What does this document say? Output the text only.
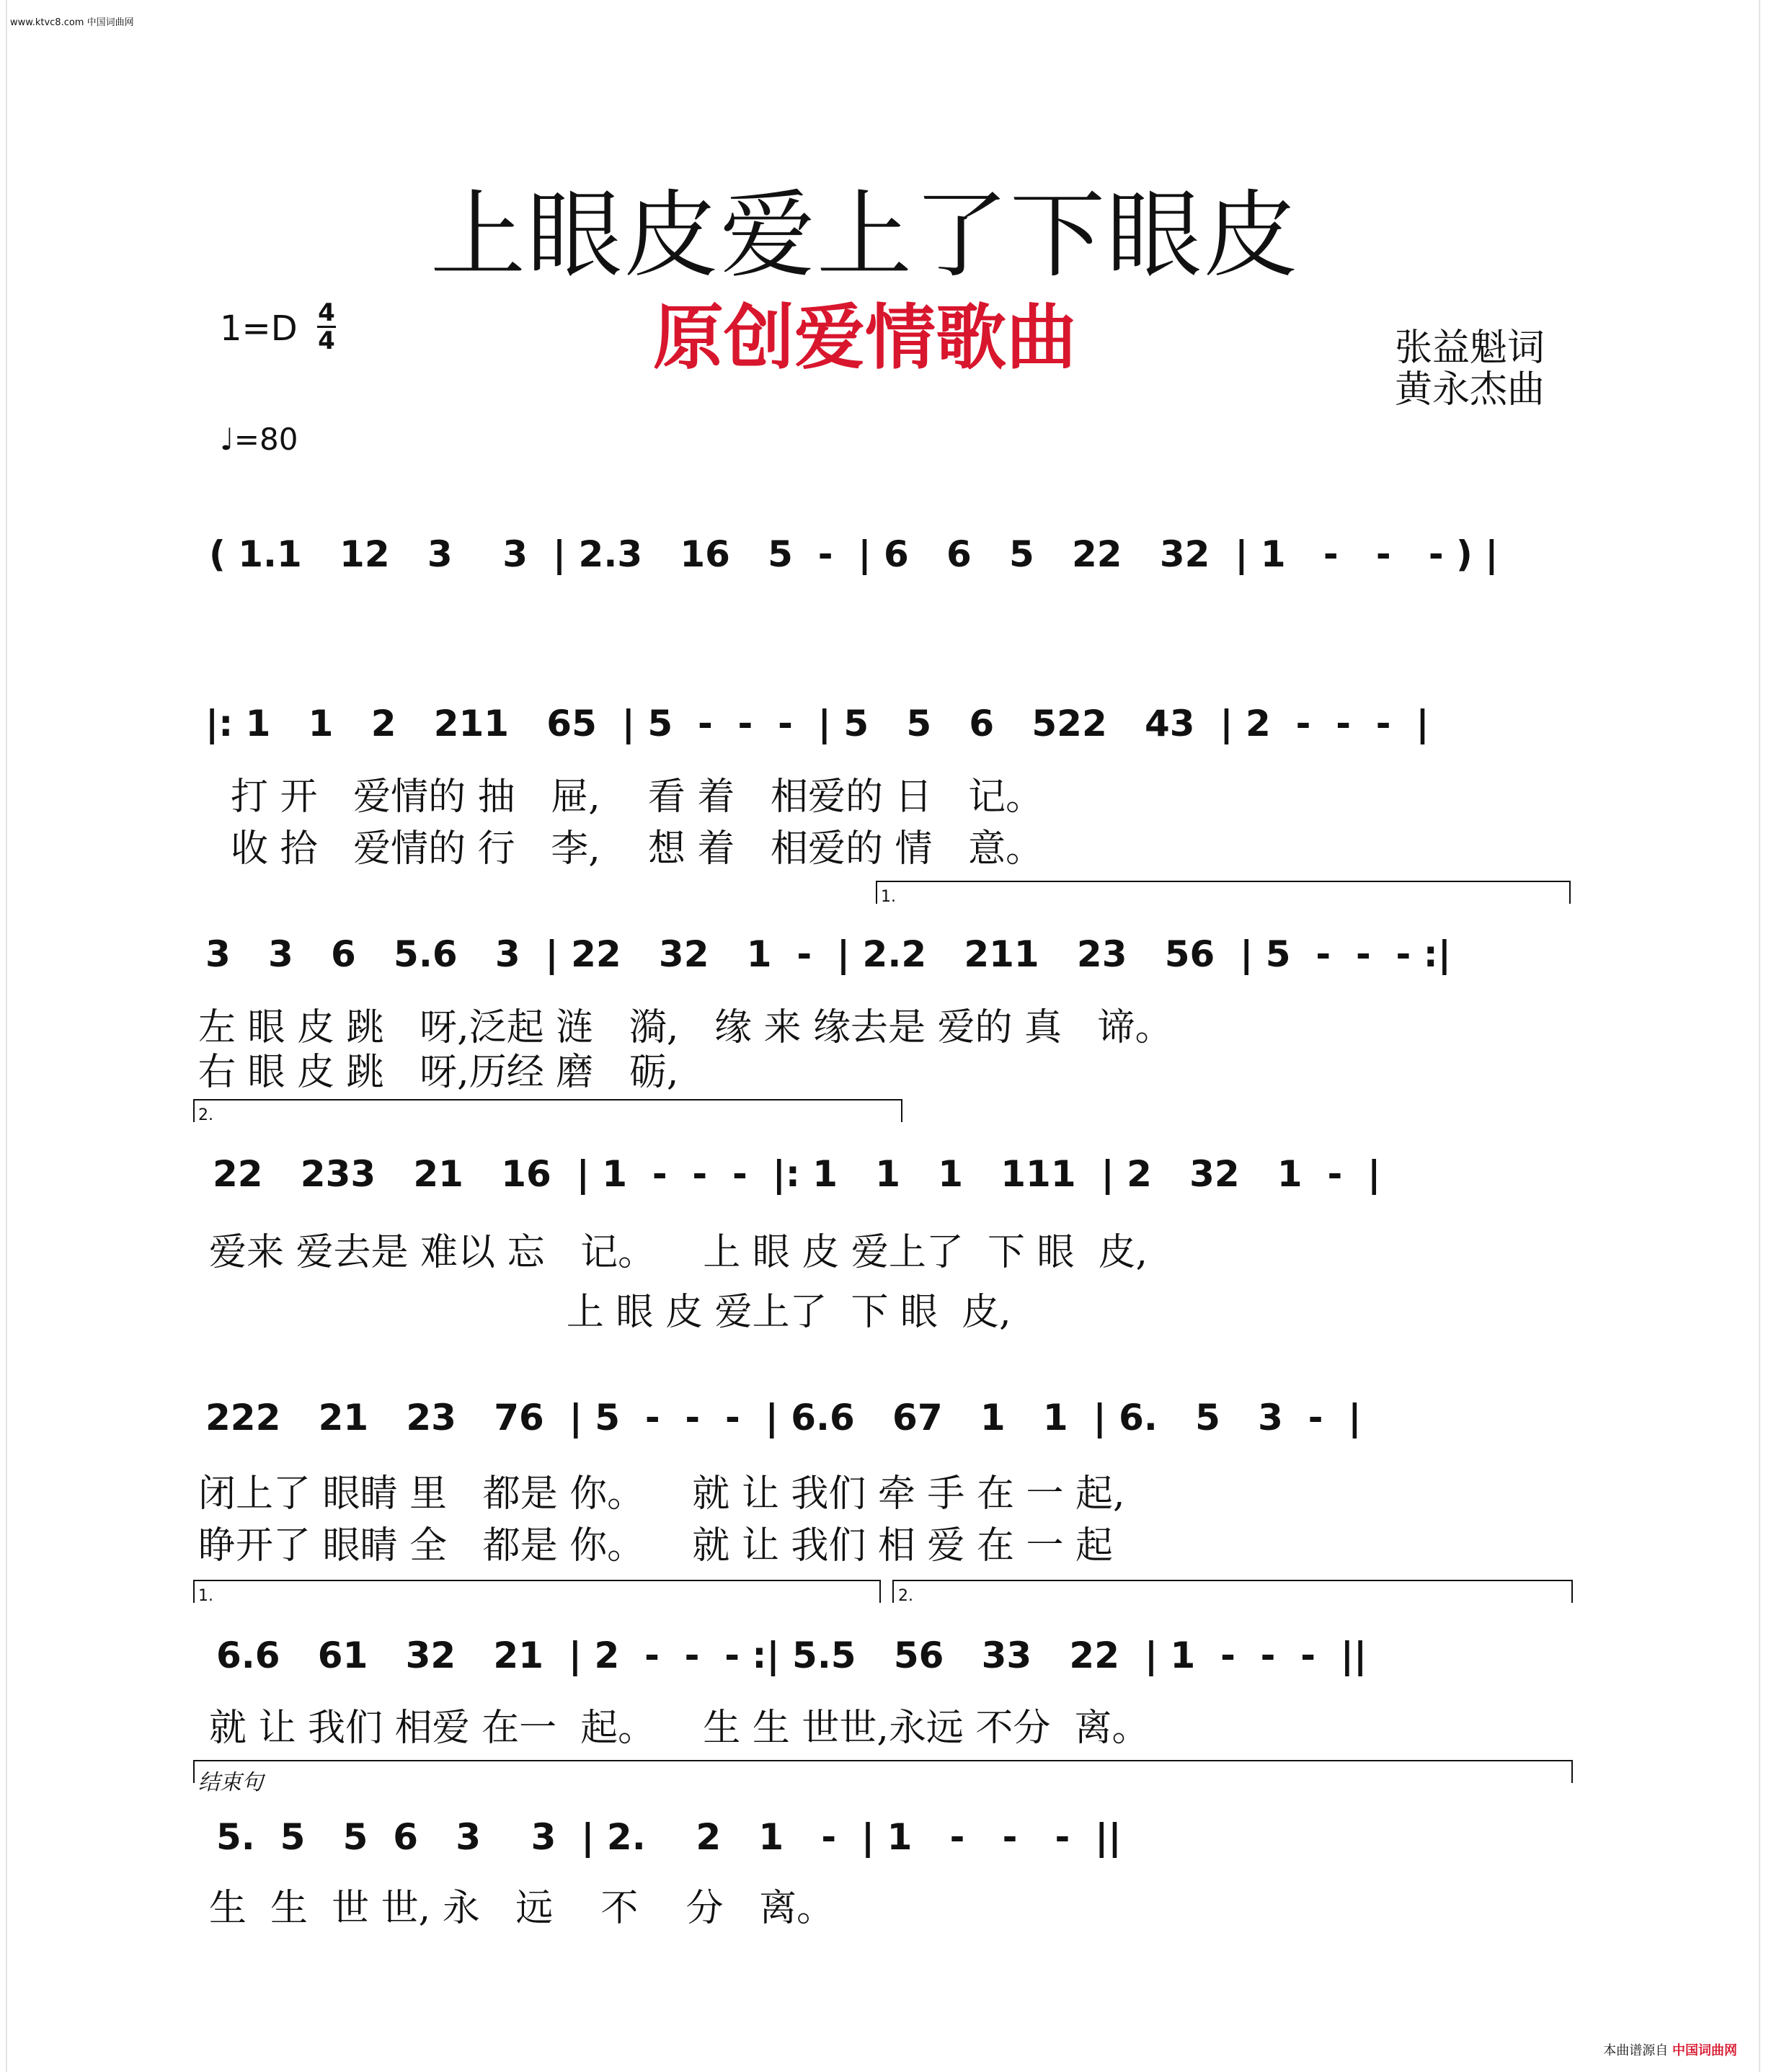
www.ktvc8.com 中国词曲网
上眼皮爱上了下眼皮
原创爱情歌曲
1=D 4
4
♩=80
张益魁词
黄永杰曲
( 1.1   12   3    3  | 2.3   16   5  -  | 6   6   5   22   32  | 1   -   -   - ) |
|: 1   1   2   211   65  | 5  -  -  -  | 5   5   6   522   43  | 2  -  -  -  |
打 开   爱情的 抽   屉,    看 着   相爱的 日   记。
收 拾   爱情的 行   李,    想 着   相爱的 情   意。
1.
3   3   6   5.6   3  | 22   32   1  -  | 2.2   211   23   56  | 5  -  -  - :|
左 眼 皮 跳   呀,泛起 涟   漪,   缘 来 缘去是 爱的 真   谛。
右 眼 皮 跳   呀,历经 磨   砺,
2.
22   233   21   16  | 1  -  -  -  |: 1   1   1   111  | 2   32   1  -  |
爱来 爱去是 难以 忘   记。    上 眼 皮 爱上了  下 眼  皮,
上 眼 皮 爱上了  下 眼  皮,
222   21   23   76  | 5  -  -  -  | 6.6   67   1   1  | 6.   5   3  -  |
闭上了 眼睛 里   都是 你。    就 让 我们 牵 手 在 一 起,
睁开了 眼睛 全   都是 你。    就 让 我们 相 爱 在 一 起
1.	2.
6.6   61   32   21  | 2  -  -  - :| 5.5   56   33   22  | 1  -  -  -  ||
就 让 我们 相爱 在一  起。    生 生 世世,永远 不分  离。
结束句
5.  5   5  6   3    3  | 2.    2   1   -  | 1   -   -   -  ||
生  生  世 世, 永   远    不    分   离。
本曲谱源自 中国词曲网
